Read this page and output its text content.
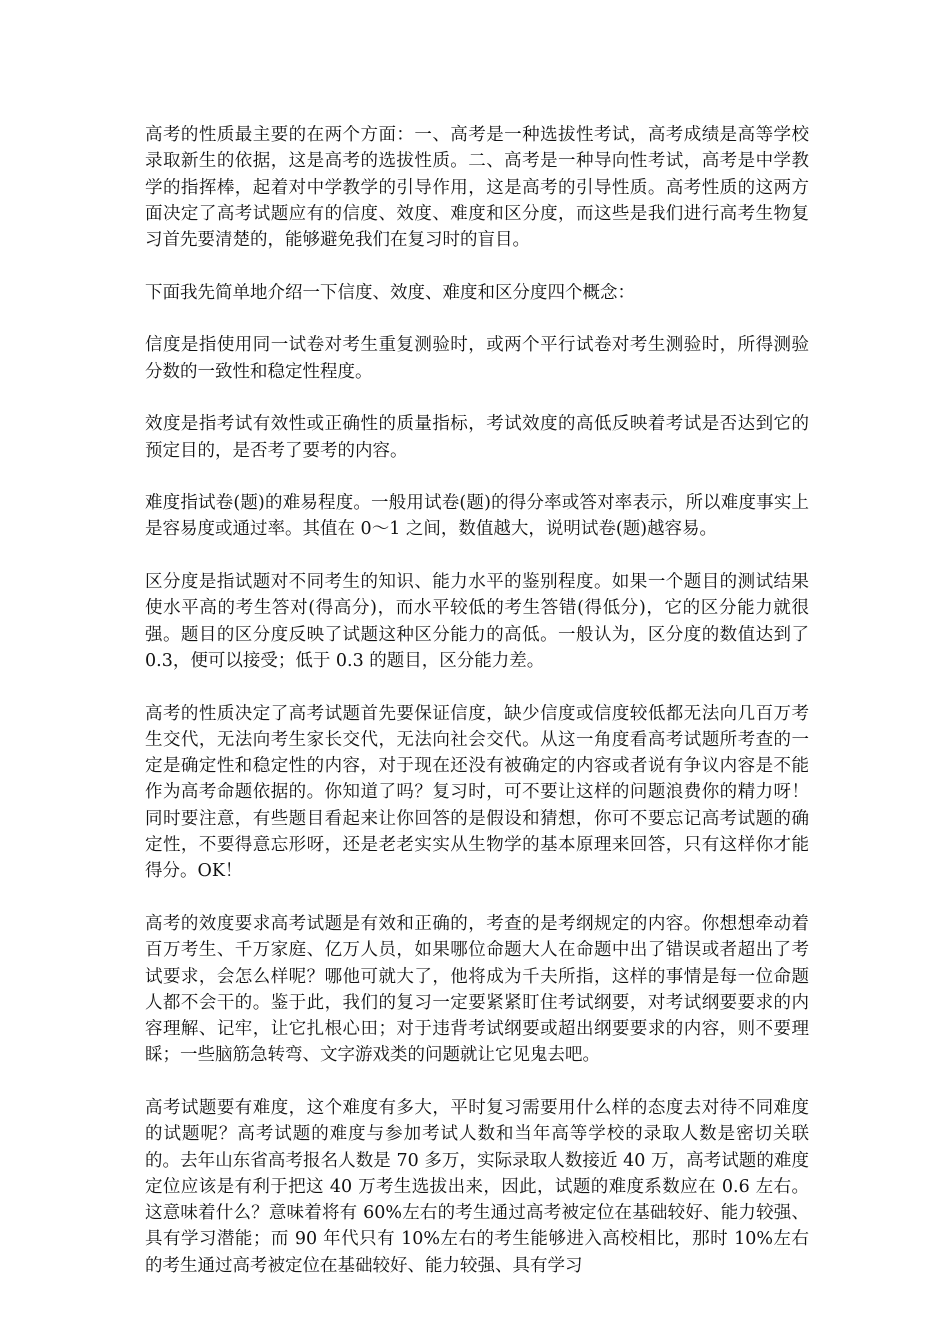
高考的性质最主要的在两个方面：一、高考是一种选拔性考试，高考成绩是高等学校录取新生的依据，这是高考的选拔性质。二、高考是一种导向性考试，高考是中学教学的指挥棒，起着对中学教学的引导作用，这是高考的引导性质。高考性质的这两方面决定了高考试题应有的信度、效度、难度和区分度，而这些是我们进行高考生物复习首先要清楚的，能够避免我们在复习时的盲目。

下面我先简单地介绍一下信度、效度、难度和区分度四个概念：

信度是指使用同一试卷对考生重复测验时，或两个平行试卷对考生测验时，所得测验分数的一致性和稳定性程度。

效度是指考试有效性或正确性的质量指标，考试效度的高低反映着考试是否达到它的预定目的，是否考了要考的内容。

难度指试卷(题)的难易程度。一般用试卷(题)的得分率或答对率表示，所以难度事实上是容易度或通过率。其值在 0～1 之间，数值越大，说明试卷(题)越容易。

区分度是指试题对不同考生的知识、能力水平的鉴别程度。如果一个题目的测试结果使水平高的考生答对(得高分)，而水平较低的考生答错(得低分)，它的区分能力就很强。题目的区分度反映了试题这种区分能力的高低。一般认为，区分度的数值达到了 0.3，便可以接受；低于 0.3 的题目，区分能力差。

高考的性质决定了高考试题首先要保证信度，缺少信度或信度较低都无法向几百万考生交代，无法向考生家长交代，无法向社会交代。从这一角度看高考试题所考查的一定是确定性和稳定性的内容，对于现在还没有被确定的内容或者说有争议内容是不能作为高考命题依据的。你知道了吗？复习时，可不要让这样的问题浪费你的精力呀！同时要注意，有些题目看起来让你回答的是假设和猜想，你可不要忘记高考试题的确定性，不要得意忘形呀，还是老老实实从生物学的基本原理来回答，只有这样你才能得分。OK！

高考的效度要求高考试题是有效和正确的，考查的是考纲规定的内容。你想想牵动着百万考生、千万家庭、亿万人员，如果哪位命题大人在命题中出了错误或者超出了考试要求，会怎么样呢？哪他可就大了，他将成为千夫所指，这样的事情是每一位命题人都不会干的。鉴于此，我们的复习一定要紧紧盯住考试纲要，对考试纲要要求的内容理解、记牢，让它扎根心田；对于违背考试纲要或超出纲要要求的内容，则不要理睬；一些脑筋急转弯、文字游戏类的问题就让它见鬼去吧。

高考试题要有难度，这个难度有多大，平时复习需要用什么样的态度去对待不同难度的试题呢？高考试题的难度与参加考试人数和当年高等学校的录取人数是密切关联的。去年山东省高考报名人数是 70 多万，实际录取人数接近 40 万，高考试题的难度定位应该是有利于把这 40 万考生选拔出来，因此，试题的难度系数应在 0.6 左右。这意味着什么？意味着将有 60%左右的考生通过高考被定位在基础较好、能力较强、具有学习潜能；而 90 年代只有 10%左右的考生能够进入高校相比，那时 10%左右的考生通过高考被定位在基础较好、能力较强、具有学习
